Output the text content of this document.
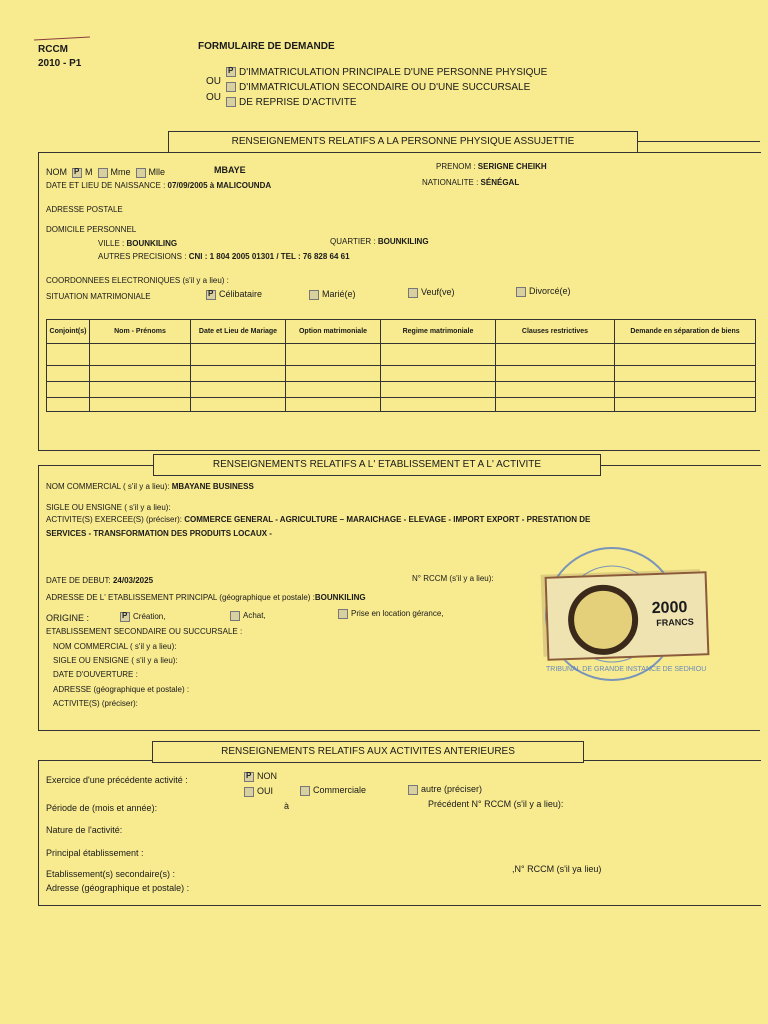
RCCM
2010 - P1
FORMULAIRE DE DEMANDE
PD'IMMATRICULATION PRINCIPALE D'UNE PERSONNE PHYSIQUE
OU
D'IMMATRICULATION SECONDAIRE OU D'UNE SUCCURSALE
OU	DE REPRISE D'ACTIVITE
RENSEIGNEMENTS RELATIFS A LA PERSONNE PHYSIQUE ASSUJETTIE
NOM P M Mme Mlle	MBAYE	PRENOM : SERIGNE CHEIKH
DATE ET LIEU DE NAISSANCE : 07/09/2005 à MALICOUNDA	NATIONALITE : SÉNÉGAL
ADRESSE POSTALE
DOMICILE PERSONNEL
VILLE : BOUNKILING	QUARTIER : BOUNKILING
AUTRES PRECISIONS : CNI : 1 804 2005 01301 / TEL : 76 828 64 61
COORDONNEES ELECTRONIQUES (s'il y a lieu) :
SITUATION MATRIMONIALE P	Célibataire	Marié(e)	Veuf(ve)	Divorcé(e)
Conjoint(s)	Nom - Prénoms	Date et Lieu de Mariage	Option matrimoniale	Regime matrimoniale	Clauses restrictives	Demande en séparation de biens

RENSEIGNEMENTS RELATIFS A L' ETABLISSEMENT ET A L' ACTIVITE
NOM COMMERCIAL ( s'il y a lieu): MBAYANE BUSINESS
SIGLE OU ENSIGNE ( s'il y a lieu):
ACTIVITE(S) EXERCEE(S) (préciser): COMMERCE GENERAL - AGRICULTURE – MARAICHAGE - ELEVAGE - IMPORT EXPORT - PRESTATION DE
SERVICES - TRANSFORMATION DES PRODUITS LOCAUX -
DATE DE DEBUT: 24/03/2025	N° RCCM (s'il y a lieu):
ADRESSE DE L' ETABLISSEMENT PRINCIPAL (géographique et postale) :BOUNKILING
ORIGINE : P	Création,	Achat,	Prise en location gérance,
ETABLISSEMENT SECONDAIRE OU SUCCURSALE :
NOM COMMERCIAL ( s'il y a lieu):
SIGLE OU ENSIGNE ( s'il y a lieu):
DATE D'OUVERTURE :
ADRESSE (géographique et postale) :
ACTIVITE(S) (préciser):
2000
FRANCS
TRIBUNAL DE GRANDE INSTANCE DE SEDHIOU
RENSEIGNEMENTS RELATIFS AUX ACTIVITES ANTERIEURES
Exercice d'une précédente activité : P	NON
OUI	Commerciale	autre (préciser)
Période de (mois et année):	à	Précédent N° RCCM (s'il y a lieu):
Nature de l'activité:
Principal établissement :
Etablissement(s) secondaire(s) :	,N° RCCM (s'il ya lieu)
Adresse (géographique et postale) :
